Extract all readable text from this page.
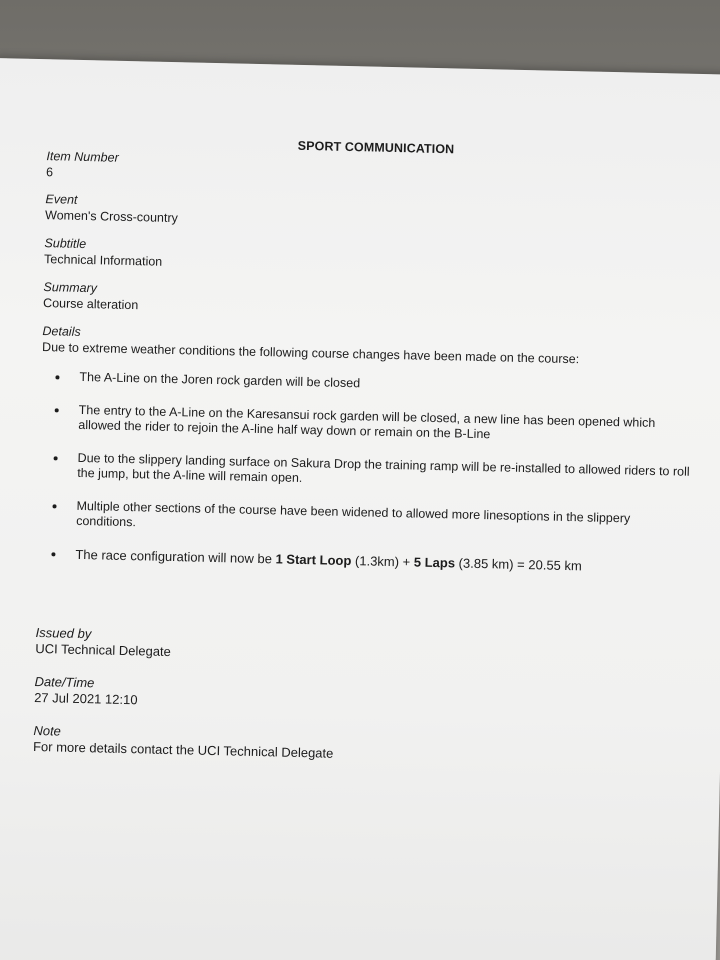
SPORT COMMUNICATION
Item Number
6
Event
Women's Cross-country
Subtitle
Technical Information
Summary
Course alteration
Details
Due to extreme weather conditions the following course changes have been made on the course:
The A-Line on the Joren rock garden will be closed
The entry to the A-Line on the Karesansui rock garden will be closed, a new line has been opened which allowed the rider to rejoin the A-line half way down or remain on the B-Line
Due to the slippery landing surface on Sakura Drop the training ramp will be re-installed to allowed riders to roll the jump, but the A-line will remain open.
Multiple other sections of the course have been widened to allowed more linesoptions in the slippery conditions.
The race configuration will now be 1 Start Loop (1.3km) + 5 Laps (3.85 km) = 20.55 km
Issued by
UCI Technical Delegate
Date/Time
27 Jul 2021 12:10
Note
For more details contact the UCI Technical Delegate
